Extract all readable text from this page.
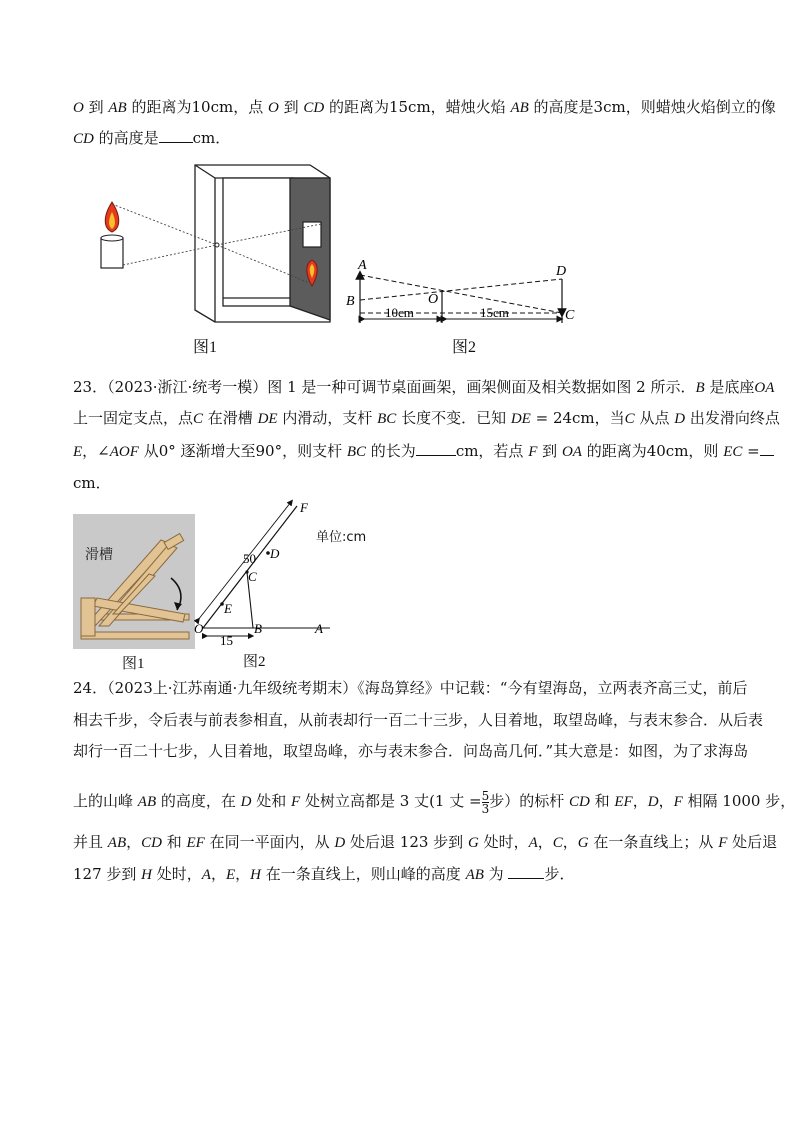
O 到 AB 的距离为10cm，点 O 到 CD 的距离为15cm，蜡烛火焰 AB 的高度是3cm，则蜡烛火焰倒立的像
CD 的高度是 cm．
图1
A
B	O
D
C
10cm	15cm
图2
23．（2023·浙江·统考一模）图 1 是一种可调节桌面画架，画架侧面及相关数据如图 2 所示．B 是底座OA
上一固定支点，点C 在滑槽 DE 内滑动，支杆 BC 长度不变．已知 DE = 24cm，当C 从点 D 出发滑向终点
E，∠AOF 从0° 逐渐增大至90°，则支杆 BC 的长为	cm，若点 F 到 OA 的距离为40cm，则 EC =
cm．
滑槽
图1
F
D
C
E
O	B	A
50
15
单位:cm
图2
24．（2023上·江苏南通·九年级统考期末）《海岛算经》中记载：“今有望海岛，立两表齐高三丈，前后
相去千步，令后表与前表参相直，从前表却行一百二十三步，人目着地，取望岛峰，与表末参合．从后表
却行一百二十七步，人目着地，取望岛峰，亦与表末参合．问岛高几何．”其大意是：如图，为了求海岛
上的山峰 AB 的高度，在 D 处和 F 处树立高都是 3 丈(1 丈 = $\frac{5}{3}$ 步）的标杆 CD 和 EF，D，F 相隔 1000 步，
并且 AB，CD 和 EF 在同一平面内，从 D 处后退 123 步到 G 处时，A，C，G 在一条直线上；从 F 处后退
127 步到 H 处时，A，E，H 在一条直线上，则山峰的高度 AB 为 步．
